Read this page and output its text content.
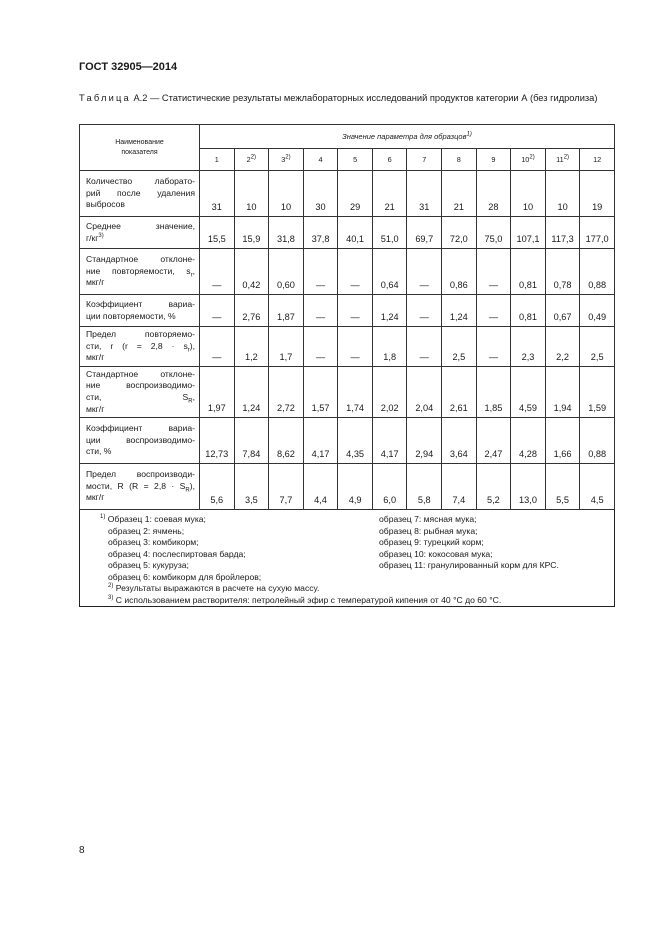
ГОСТ 32905—2014
Таблица А.2 — Статистические результаты межлабораторных исследований продуктов категории А (без гидролиза)
Наименование
показателя	Значение параметра для образцов$^{1)}$
	1	2$^{2)}$	3$^{2)}$	4	5	6	7	8	9	10$^{2)}$	11$^{2)}$	12

Количество лаборато-
рий после удаления
выбросов	31	10	10	30	29	21	31	21	28	10	10	19

Среднее значение,
$г/кг^{3)}$	15,5	15,9	31,8	37,8	40,1	51,0	69,7	72,0	75,0	107,1	117,3	177,0

Стандартное отклоне-
ние повторяемости, $s_r$,
мкг/г	—	0,42	0,60	—	—	0,64	—	0,86	—	0,81	0,78	0,88

Коэффициент вариа-
ции повторяемости, %	—	2,76	1,87	—	—	1,24	—	1,24	—	0,81	0,67	0,49

Предел повторяемо-
сти, r $(r = 2,8 \cdot s_r)$,
мкг/г	—	1,2	1,7	—	—	1,8	—	2,5	—	2,3	2,2	2,5

Стандартное отклоне-
ние воспроизводимо-
сти, $S_R$,
мкг/г	1,97	1,24	2,72	1,57	1,74	2,02	2,04	2,61	1,85	4,59	1,94	1,59

Коэффициент вариа-
ции воспроизводимо-
сти, %	12,73	7,84	8,62	4,17	4,35	4,17	2,94	3,64	2,47	4,28	1,66	0,88

Предел воспроизводи-
мости, R $(R = 2,8 \cdot S_R)$,
мкг/г	5,6	3,5	7,7	4,4	4,9	6,0	5,8	7,4	5,2	13,0	5,5	4,5
$^{1)}$ Образец 1: соевая мука;
образец 2: ячмень;
образец 3: комбикорм;
образец 4: послеспиртовая барда;
образец 5: кукуруза;
образец 6: комбикорм для бройлеров;
образец 7: мясная мука;
образец 8: рыбная мука;
образец 9: турецкий корм;
образец 10: кокосовая мука;
образец 11: гранулированный корм для КРС.
$^{2)}$ Результаты выражаются в расчете на сухую массу.
$^{3)}$ С использованием растворителя: петролейный эфир с температурой кипения от 40 °С до 60 °С.
8
